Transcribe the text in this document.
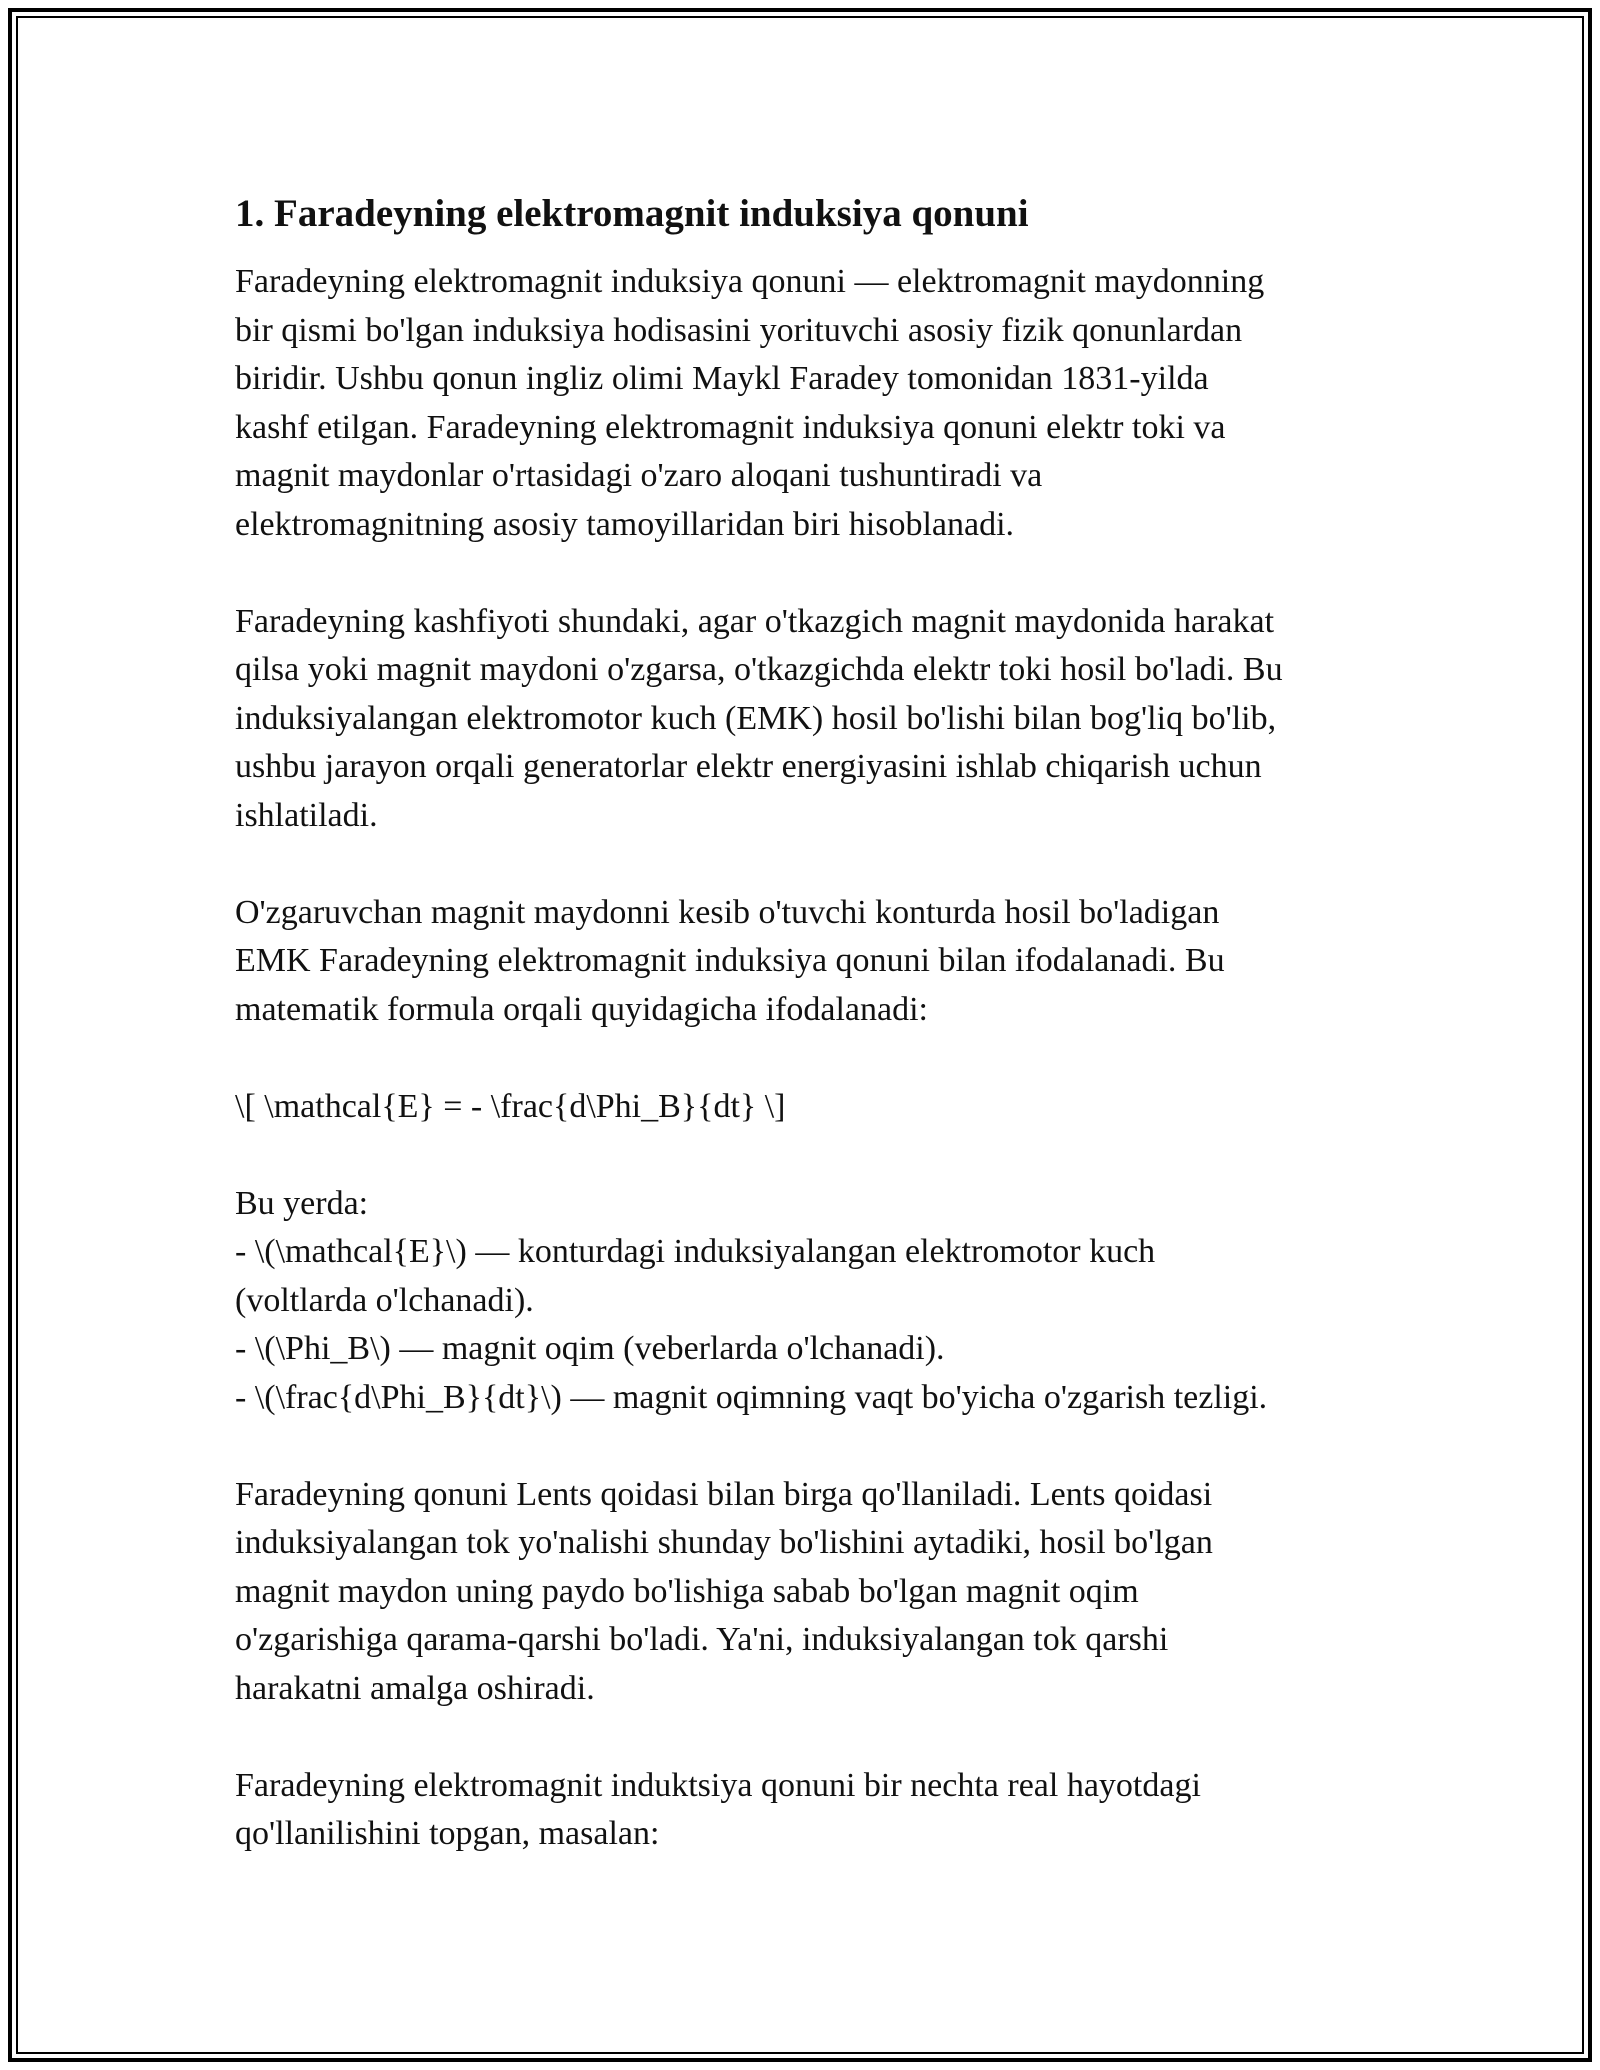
1. Faradeyning elektromagnit induksiya qonuni
Faradeyning elektromagnit induksiya qonuni — elektromagnit maydonning
bir qismi bo'lgan induksiya hodisasini yorituvchi asosiy fizik qonunlardan
biridir. Ushbu qonun ingliz olimi Maykl Faradey tomonidan 1831-yilda
kashf etilgan. Faradeyning elektromagnit induksiya qonuni elektr toki va
magnit maydonlar o'rtasidagi o'zaro aloqani tushuntiradi va
elektromagnitning asosiy tamoyillaridan biri hisoblanadi.
Faradeyning kashfiyoti shundaki, agar o'tkazgich magnit maydonida harakat
qilsa yoki magnit maydoni o'zgarsa, o'tkazgichda elektr toki hosil bo'ladi. Bu
induksiyalangan elektromotor kuch (EMK) hosil bo'lishi bilan bog'liq bo'lib,
ushbu jarayon orqali generatorlar elektr energiyasini ishlab chiqarish uchun
ishlatiladi.
O'zgaruvchan magnit maydonni kesib o'tuvchi konturda hosil bo'ladigan
EMK Faradeyning elektromagnit induksiya qonuni bilan ifodalanadi. Bu
matematik formula orqali quyidagicha ifodalanadi:
\[ \mathcal{E} = - \frac{d\Phi_B}{dt} \]
Bu yerda:
- \(\mathcal{E}\) — konturdagi induksiyalangan elektromotor kuch
(voltlarda o'lchanadi).
- \(\Phi_B\) — magnit oqim (veberlarda o'lchanadi).
- \(\frac{d\Phi_B}{dt}\) — magnit oqimning vaqt bo'yicha o'zgarish tezligi.
Faradeyning qonuni Lents qoidasi bilan birga qo'llaniladi. Lents qoidasi
induksiyalangan tok yo'nalishi shunday bo'lishini aytadiki, hosil bo'lgan
magnit maydon uning paydo bo'lishiga sabab bo'lgan magnit oqim
o'zgarishiga qarama-qarshi bo'ladi. Ya'ni, induksiyalangan tok qarshi
harakatni amalga oshiradi.
Faradeyning elektromagnit induktsiya qonuni bir nechta real hayotdagi
qo'llanilishini topgan, masalan:
